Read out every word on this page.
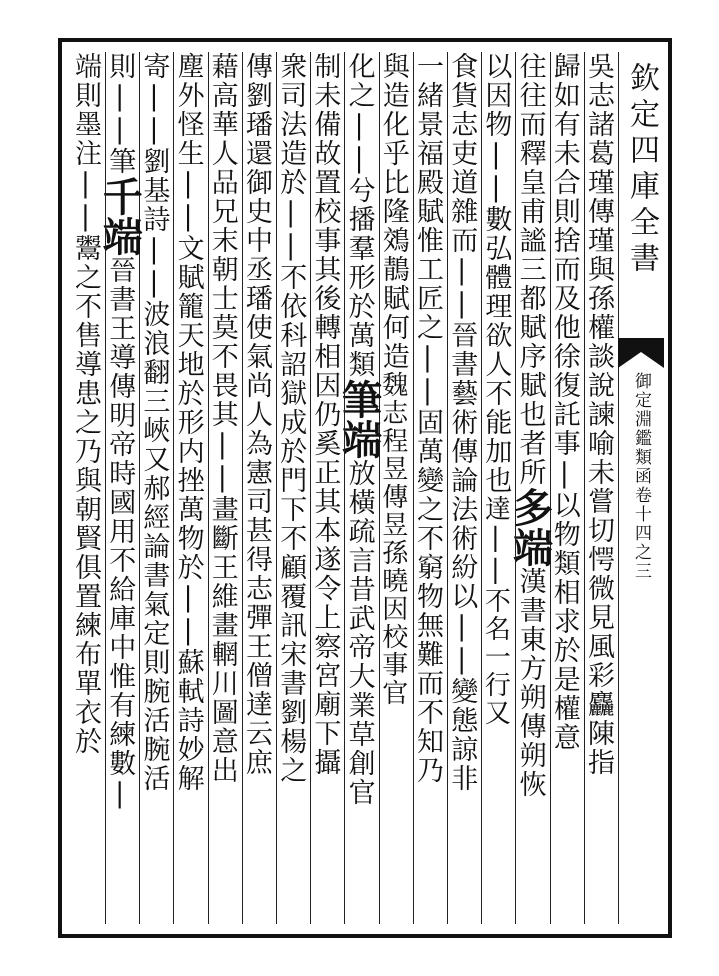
吳志諸葛瑾傳瑾與孫權談說諫喻未嘗切愕微見風彩麤陳指
歸如有未合則捨而及他徐復託事|以物類相求於是權意
往往而釋皇甫謐三都賦序賦也者所多端漢書東方朔傳朔恢
以因物||數弘體理欲人不能加也達||不名一行又
食貨志吏道雜而||晉書藝術傳論法術紛以||變態諒非
一緒景福殿賦惟工匠之||固萬變之不窮物無難而不知乃
與造化乎比隆鵁鶄賦何造魏志程昱傳昱孫曉因校事官
化之||兮播羣形於萬類筆端放橫疏言昔武帝大業草創官
制未備故置校事其後轉相因仍奚正其本遂令上察宮廟下攝
衆司法造於||不依科詔獄成於門下不顧覆訊宋書劉楊之
傳劉璠還御史中丞璠使氣尚人為憲司甚得志彈王僧達云庶
藉高華人品兄末朝士莫不畏其||畫斷王維畫輞川圖意出
塵外怪生||文賦籠天地於形内挫萬物於||蘇軾詩妙解
寄||劉基詩||波浪翻三峽又郝經論書氣定則腕活腕活
則||筆千端晉書王導傳明帝時國用不給庫中惟有練數|
端則墨注||鬻之不售導患之乃與朝賢俱置練布單衣於	欽定四庫全書
御定淵鑑類函卷十四之三
